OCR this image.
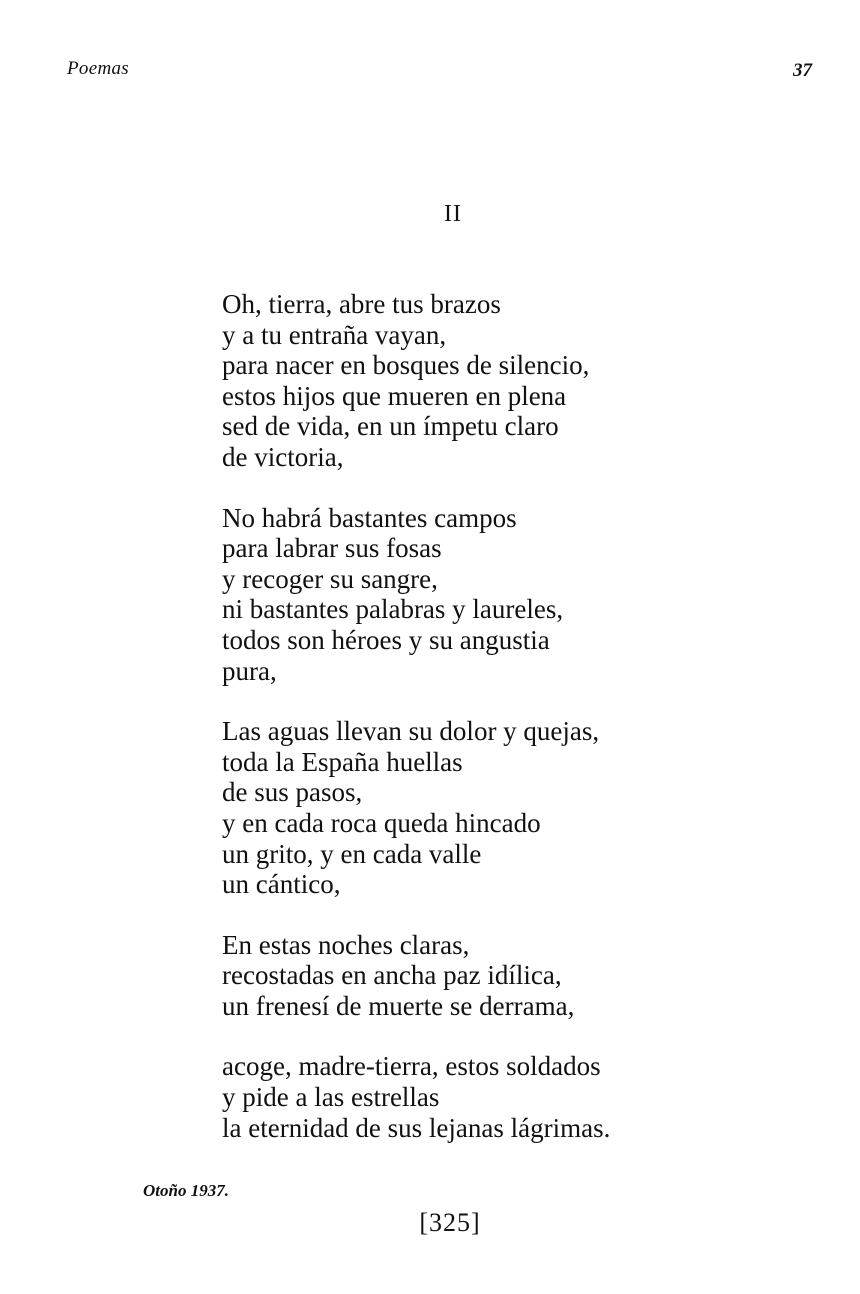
Poemas	37
II
Oh, tierra, abre tus brazos
y a tu entraña vayan,
para nacer en bosques de silencio,
estos hijos que mueren en plena
sed de vida, en un ímpetu claro
de victoria,
No habrá bastantes campos
para labrar sus fosas
y recoger su sangre,
ni bastantes palabras y laureles,
todos son héroes y su angustia
pura,
Las aguas llevan su dolor y quejas,
toda la España huellas
de sus pasos,
y en cada roca queda hincado
un grito, y en cada valle
un cántico,
En estas noches claras,
recostadas en ancha paz idílica,
un frenesí de muerte se derrama,
acoge, madre-tierra, estos soldados
y pide a las estrellas
la eternidad de sus lejanas lágrimas.
Otoño 1937.
[325]
